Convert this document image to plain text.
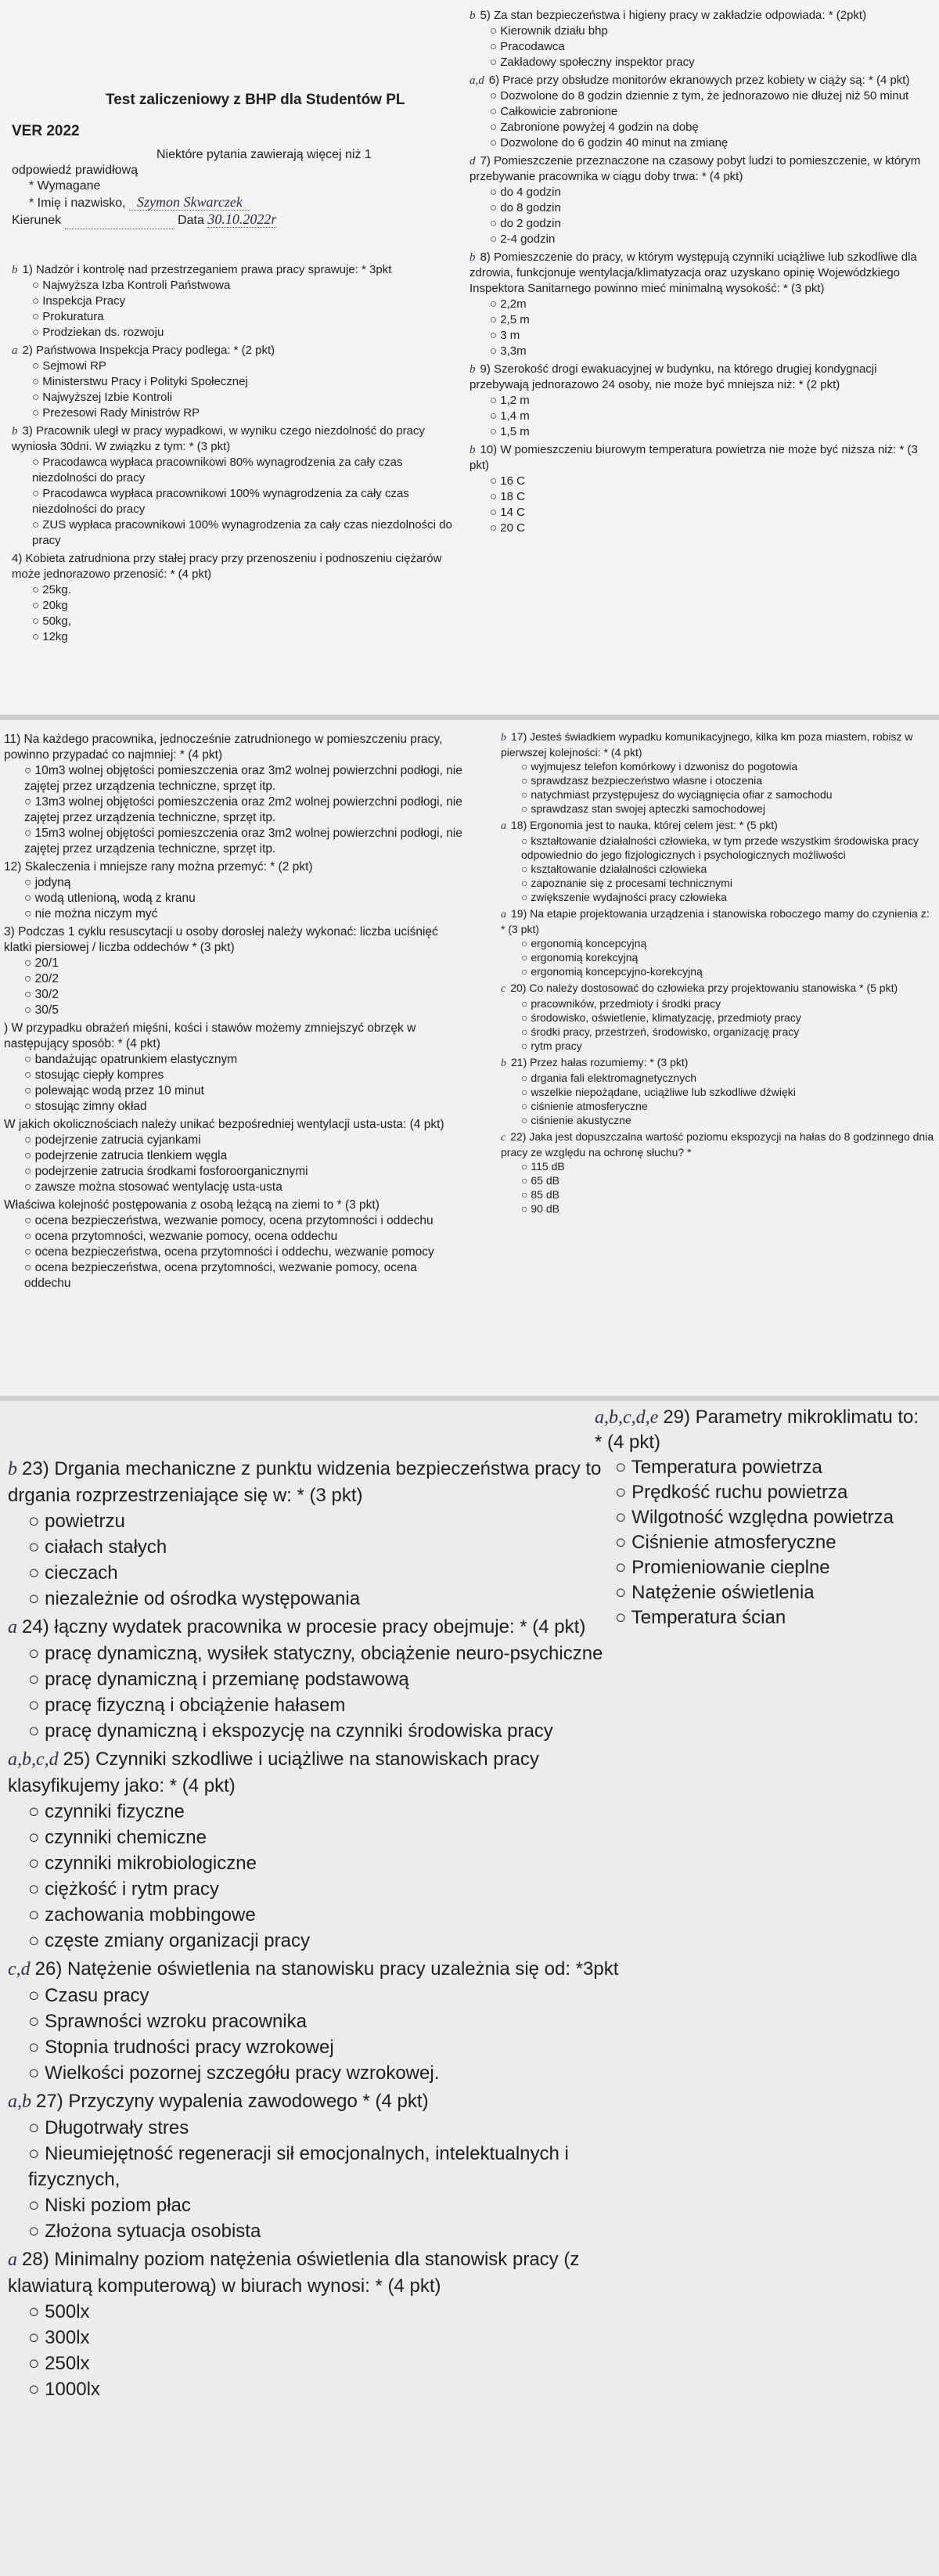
Test zaliczeniowy z BHP dla Studentów PL
VER 2022
Niektóre pytania zawierają więcej niż 1
odpowiedź prawidłową
* Wymagane
* Imię i nazwisko, Szymon Skwarczek
Kierunek	Data 30.10.2022r
b 1) Nadzór i kontrolę nad przestrzeganiem prawa pracy sprawuje: * 3pkt
○ Najwyższa Izba Kontroli Państwowa
○ Inspekcja Pracy
○ Prokuratura
○ Prodziekan ds. rozwoju
a 2) Państwowa Inspekcja Pracy podlega: * (2 pkt)
○ Sejmowi RP
○ Ministerstwu Pracy i Polityki Społecznej
○ Najwyższej Izbie Kontroli
○ Prezesowi Rady Ministrów RP
b 3) Pracownik uległ w pracy wypadkowi, w wyniku czego niezdolność do pracy wyniosła 30dni. W związku z tym: * (3 pkt)
○ Pracodawca wypłaca pracownikowi 80% wynagrodzenia za cały czas niezdolności do pracy
○ Pracodawca wypłaca pracownikowi 100% wynagrodzenia za cały czas niezdolności do pracy
○ ZUS wypłaca pracownikowi 100% wynagrodzenia za cały czas niezdolności do pracy
4) Kobieta zatrudniona przy stałej pracy przy przenoszeniu i podnoszeniu ciężarów może jednorazowo przenosić: * (4 pkt)
○ 25kg.
○ 20kg
○ 50kg,
○ 12kg
b 5) Za stan bezpieczeństwa i higieny pracy w zakładzie odpowiada: * (2pkt)
○ Kierownik działu bhp
○ Pracodawca
○ Zakładowy społeczny inspektor pracy
a,d 6) Prace przy obsłudze monitorów ekranowych przez kobiety w ciąży są: * (4 pkt)
○ Dozwolone do 8 godzin dziennie z tym, że jednorazowo nie dłużej niż 50 minut
○ Całkowicie zabronione
○ Zabronione powyżej 4 godzin na dobę
○ Dozwolone do 6 godzin 40 minut na zmianę
d 7) Pomieszczenie przeznaczone na czasowy pobyt ludzi to pomieszczenie, w którym przebywanie pracownika w ciągu doby trwa: * (4 pkt)
○ do 4 godzin
○ do 8 godzin
○ do 2 godzin
○ 2-4 godzin
b 8) Pomieszczenie do pracy, w którym występują czynniki uciążliwe lub szkodliwe dla zdrowia, funkcjonuje wentylacja/klimatyzacja oraz uzyskano opinię Wojewódzkiego Inspektora Sanitarnego powinno mieć minimalną wysokość: * (3 pkt)
○ 2,2m
○ 2,5 m
○ 3 m
○ 3,3m
b 9) Szerokość drogi ewakuacyjnej w budynku, na którego drugiej kondygnacji przebywają jednorazowo 24 osoby, nie może być mniejsza niż: * (2 pkt)
○ 1,2 m
○ 1,4 m
○ 1,5 m
b 10) W pomieszczeniu biurowym temperatura powietrza nie może być niższa niż: * (3 pkt)
○ 16 C
○ 18 C
○ 14 C
○ 20 C
11) Na każdego pracownika, jednocześnie zatrudnionego w pomieszczeniu pracy, powinno przypadać co najmniej: * (4 pkt)
○ 10m3 wolnej objętości pomieszczenia oraz 3m2 wolnej powierzchni podłogi, nie zajętej przez urządzenia techniczne, sprzęt itp.
○ 13m3 wolnej objętości pomieszczenia oraz 2m2 wolnej powierzchni podłogi, nie zajętej przez urządzenia techniczne, sprzęt itp.
○ 15m3 wolnej objętości pomieszczenia oraz 3m2 wolnej powierzchni podłogi, nie zajętej przez urządzenia techniczne, sprzęt itp.
12) Skaleczenia i mniejsze rany można przemyć: * (2 pkt)
○ jodyną
○ wodą utlenioną, wodą z kranu
○ nie można niczym myć
3) Podczas 1 cyklu resuscytacji u osoby dorosłej należy wykonać: liczba uciśnięć klatki piersiowej / liczba oddechów * (3 pkt)
○ 20/1
○ 20/2
○ 30/2
○ 30/5
) W przypadku obrażeń mięśni, kości i stawów możemy zmniejszyć obrzęk w następujący sposób: * (4 pkt)
○ bandażując opatrunkiem elastycznym
○ stosując ciepły kompres
○ polewając wodą przez 10 minut
○ stosując zimny okład
W jakich okolicznościach należy unikać bezpośredniej wentylacji usta-usta: (4 pkt)
○ podejrzenie zatrucia cyjankami
○ podejrzenie zatrucia tlenkiem węgla
○ podejrzenie zatrucia środkami fosforoorganicznymi
○ zawsze można stosować wentylację usta-usta
Właściwa kolejność postępowania z osobą leżącą na ziemi to * (3 pkt)
○ ocena bezpieczeństwa, wezwanie pomocy, ocena przytomności i oddechu
○ ocena przytomności, wezwanie pomocy, ocena oddechu
○ ocena bezpieczeństwa, ocena przytomności i oddechu, wezwanie pomocy
○ ocena bezpieczeństwa, ocena przytomności, wezwanie pomocy, ocena oddechu
b 17) Jesteś świadkiem wypadku komunikacyjnego, kilka km poza miastem, robisz w pierwszej kolejności: * (4 pkt)
○ wyjmujesz telefon komórkowy i dzwonisz do pogotowia
○ sprawdzasz bezpieczeństwo własne i otoczenia
○ natychmiast przystępujesz do wyciągnięcia ofiar z samochodu
○ sprawdzasz stan swojej apteczki samochodowej
a 18) Ergonomia jest to nauka, której celem jest: * (5 pkt)
○ kształtowanie działalności człowieka, w tym przede wszystkim środowiska pracy odpowiednio do jego fizjologicznych i psychologicznych możliwości
○ kształtowanie działalności człowieka
○ zapoznanie się z procesami technicznymi
○ zwiększenie wydajności pracy człowieka
a 19) Na etapie projektowania urządzenia i stanowiska roboczego mamy do czynienia z: * (3 pkt)
○ ergonomią koncepcyjną
○ ergonomią korekcyjną
○ ergonomią koncepcyjno-korekcyjną
c 20) Co należy dostosować do człowieka przy projektowaniu stanowiska * (5 pkt)
○ pracowników, przedmioty i środki pracy
○ środowisko, oświetlenie, klimatyzację, przedmioty pracy
○ środki pracy, przestrzeń, środowisko, organizację pracy
○ rytm pracy
b 21) Przez hałas rozumiemy: * (3 pkt)
○ drgania fali elektromagnetycznych
○ wszelkie niepożądane, uciążliwe lub szkodliwe dźwięki
○ ciśnienie atmosferyczne
○ ciśnienie akustyczne
c 22) Jaka jest dopuszczalna wartość poziomu ekspozycji na hałas do 8 godzinnego dnia pracy ze względu na ochronę słuchu? *
○ 115 dB
○ 65 dB
○ 85 dB
○ 90 dB
b 23) Drgania mechaniczne z punktu widzenia bezpieczeństwa pracy to drgania rozprzestrzeniające się w: * (3 pkt)
○ powietrzu
○ ciałach stałych
○ cieczach
○ niezależnie od ośrodka występowania
a 24) łączny wydatek pracownika w procesie pracy obejmuje: * (4 pkt)
○ pracę dynamiczną, wysiłek statyczny, obciążenie neuro-psychiczne
○ pracę dynamiczną i przemianę podstawową
○ pracę fizyczną i obciążenie hałasem
○ pracę dynamiczną i ekspozycję na czynniki środowiska pracy
a,b,c,d 25) Czynniki szkodliwe i uciążliwe na stanowiskach pracy klasyfikujemy jako: * (4 pkt)
○ czynniki fizyczne
○ czynniki chemiczne
○ czynniki mikrobiologiczne
○ ciężkość i rytm pracy
○ zachowania mobbingowe
○ częste zmiany organizacji pracy
c,d 26) Natężenie oświetlenia na stanowisku pracy uzależnia się od: *3pkt
○ Czasu pracy
○ Sprawności wzroku pracownika
○ Stopnia trudności pracy wzrokowej
○ Wielkości pozornej szczegółu pracy wzrokowej.
a,b 27) Przyczyny wypalenia zawodowego * (4 pkt)
○ Długotrwały stres
○ Nieumiejętność regeneracji sił emocjonalnych, intelektualnych i fizycznych,
○ Niski poziom płac
○ Złożona sytuacja osobista
a 28) Minimalny poziom natężenia oświetlenia dla stanowisk pracy (z klawiaturą komputerową) w biurach wynosi: * (4 pkt)
○ 500lx
○ 300lx
○ 250lx
○ 1000lx
a,b,c,d,e 29) Parametry mikroklimatu to: * (4 pkt)
○ Temperatura powietrza
○ Prędkość ruchu powietrza
○ Wilgotność względna powietrza
○ Ciśnienie atmosferyczne
○ Promieniowanie cieplne
○ Natężenie oświetlenia
○ Temperatura ścian
